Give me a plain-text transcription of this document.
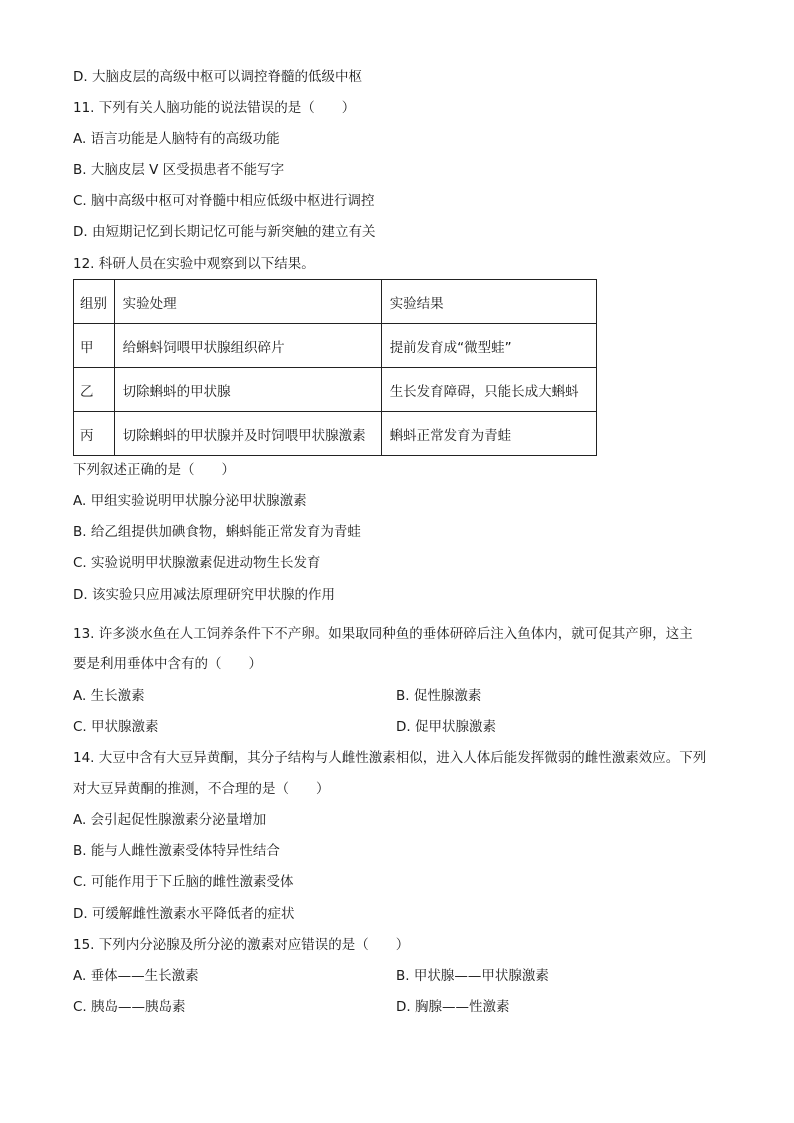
D. 大脑皮层的高级中枢可以调控脊髓的低级中枢
11. 下列有关人脑功能的说法错误的是（　　）
A. 语言功能是人脑特有的高级功能
B. 大脑皮层 V 区受损患者不能写字
C. 脑中高级中枢可对脊髓中相应低级中枢进行调控
D. 由短期记忆到长期记忆可能与新突触的建立有关
12. 科研人员在实验中观察到以下结果。
组别	实验处理	实验结果
甲	给蝌蚪饲喂甲状腺组织碎片	提前发育成“微型蛙”
乙	切除蝌蚪的甲状腺	生长发育障碍，只能长成大蝌蚪
丙	切除蝌蚪的甲状腺并及时饲喂甲状腺激素	蝌蚪正常发育为青蛙
下列叙述正确的是（　　）
A. 甲组实验说明甲状腺分泌甲状腺激素
B. 给乙组提供加碘食物，蝌蚪能正常发育为青蛙
C. 实验说明甲状腺激素促进动物生长发育
D. 该实验只应用减法原理研究甲状腺的作用
13. 许多淡水鱼在人工饲养条件下不产卵。如果取同种鱼的垂体研碎后注入鱼体内，就可促其产卵，这主
要是利用垂体中含有的（　　）
A. 生长激素	B. 促性腺激素
C. 甲状腺激素	D. 促甲状腺激素
14. 大豆中含有大豆异黄酮，其分子结构与人雌性激素相似，进入人体后能发挥微弱的雌性激素效应。下列
对大豆异黄酮的推测，不合理的是（　　）
A. 会引起促性腺激素分泌量增加
B. 能与人雌性激素受体特异性结合
C. 可能作用于下丘脑的雌性激素受体
D. 可缓解雌性激素水平降低者的症状
15. 下列内分泌腺及所分泌的激素对应错误的是（　　）
A. 垂体——生长激素	B. 甲状腺——甲状腺激素
C. 胰岛——胰岛素	D. 胸腺——性激素
